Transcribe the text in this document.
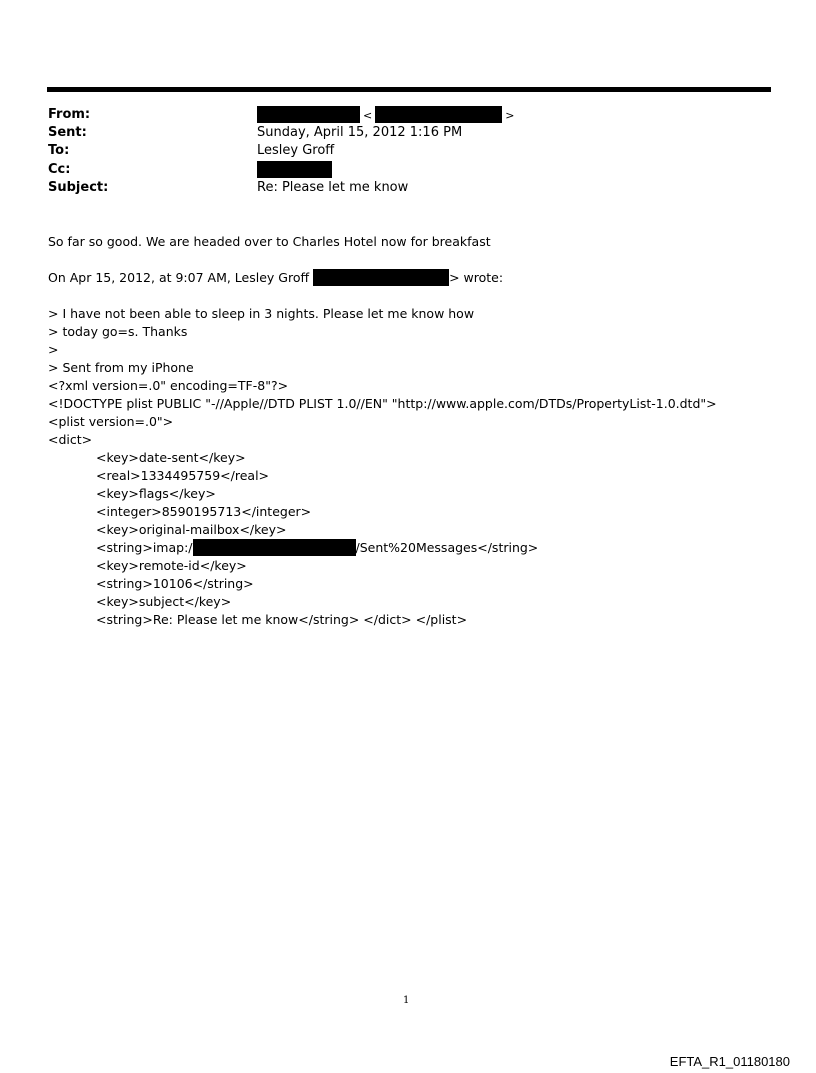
From:	<	>
Sent:	Sunday, April 15, 2012 1:16 PM
To:	Lesley Groff
Cc:
Subject:	Re: Please let me know
So far so good. We are headed over to Charles Hotel now for breakfast
On Apr 15, 2012, at 9:07 AM, Lesley Groff	> wrote:
> I have not been able to sleep in 3 nights. Please let me know how
> today go=s. Thanks
>
> Sent from my iPhone
<?xml version=.0" encoding=TF-8"?>
<!DOCTYPE plist PUBLIC "-//Apple//DTD PLIST 1.0//EN" "http://www.apple.com/DTDs/PropertyList-1.0.dtd">
<plist version=.0">
<dict>
<key>date-sent</key>
<real>1334495759</real>
<key>flags</key>
<integer>8590195713</integer>
<key>original-mailbox</key>
<string>imap:/	/Sent%20Messages</string>
<key>remote-id</key>
<string>10106</string>
<key>subject</key>
<string>Re: Please let me know</string> </dict> </plist>
1
EFTA_R1_01180180
